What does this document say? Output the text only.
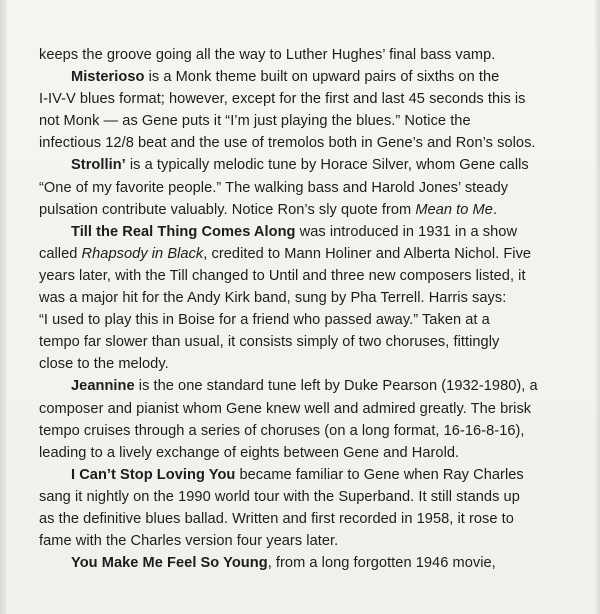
keeps the groove going all the way to Luther Hughes’ final bass vamp.
Misterioso is a Monk theme built on upward pairs of sixths on the
I-IV-V blues format; however, except for the first and last 45 seconds this is
not Monk — as Gene puts it “I’m just playing the blues.” Notice the
infectious 12/8 beat and the use of tremolos both in Gene’s and Ron’s solos.
Strollin’ is a typically melodic tune by Horace Silver, whom Gene calls
“One of my favorite people.” The walking bass and Harold Jones’ steady
pulsation contribute valuably. Notice Ron’s sly quote from Mean to Me.
Till the Real Thing Comes Along was introduced in 1931 in a show
called Rhapsody in Black, credited to Mann Holiner and Alberta Nichol. Five
years later, with the Till changed to Until and three new composers listed, it
was a major hit for the Andy Kirk band, sung by Pha Terrell. Harris says:
“I used to play this in Boise for a friend who passed away.” Taken at a
tempo far slower than usual, it consists simply of two choruses, fittingly
close to the melody.
Jeannine is the one standard tune left by Duke Pearson (1932-1980), a
composer and pianist whom Gene knew well and admired greatly. The brisk
tempo cruises through a series of choruses (on a long format, 16-16-8-16),
leading to a lively exchange of eights between Gene and Harold.
I Can’t Stop Loving You became familiar to Gene when Ray Charles
sang it nightly on the 1990 world tour with the Superband. It still stands up
as the definitive blues ballad. Written and first recorded in 1958, it rose to
fame with the Charles version four years later.
You Make Me Feel So Young, from a long forgotten 1946 movie,
